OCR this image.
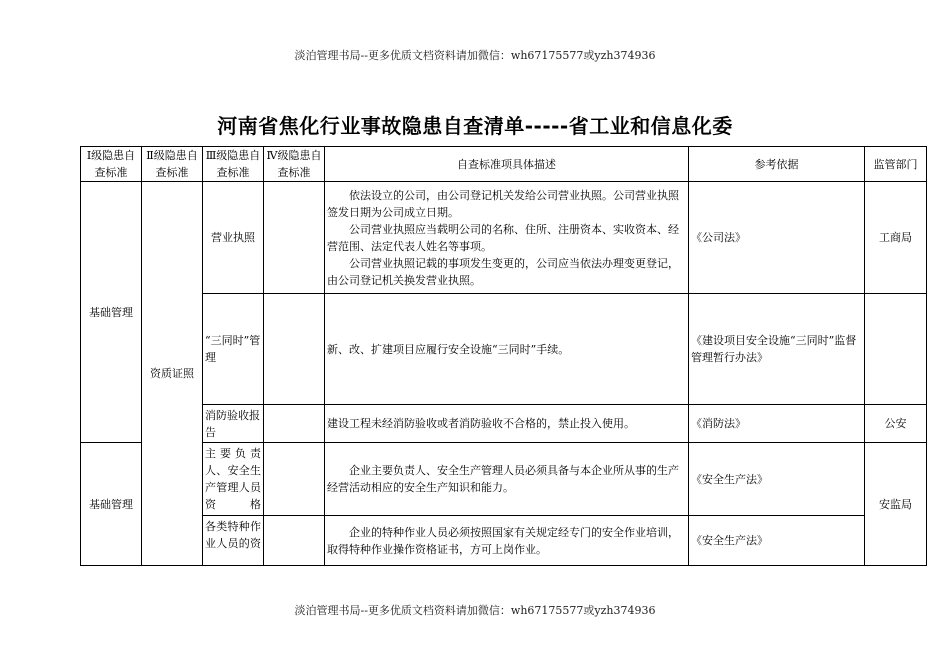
淡泊管理书局--更多优质文档资料请加微信：wh67175577或yzh374936
河南省焦化行业事故隐患自查清单-----省工业和信息化委
Ⅰ级隐患自查标准	Ⅱ级隐患自查标准	Ⅲ级隐患自查标准	Ⅳ级隐患自查标准	自查标准项具体描述	参考依据	监管部门
基础管理	资质证照	营业执照		依法设立的公司，由公司登记机关发给公司营业执照。公司营业执照签发日期为公司成立日期。

公司营业执照应当载明公司的名称、住所、注册资本、实收资本、经营范围、法定代表人姓名等事项。

公司营业执照记载的事项发生变更的，公司应当依法办理变更登记，由公司登记机关换发营业执照。	《公司法》	工商局
		“三同时”管理		新、改、扩建项目应履行安全设施“三同时”手续。	《建设项目安全设施“三同时”监督管理暂行办法》	
		消防验收报告		建设工程未经消防验收或者消防验收不合格的，禁止投入使用。	《消防法》	公安
基础管理		主要负责人、安全生产管理人员资格		企业主要负责人、安全生产管理人员必须具备与本企业所从事的生产经营活动相应的安全生产知识和能力。	《安全生产法》	安监局
		各类特种作业人员的资		企业的特种作业人员必须按照国家有关规定经专门的安全作业培训，取得特种作业操作资格证书，方可上岗作业。	《安全生产法》	
淡泊管理书局--更多优质文档资料请加微信：wh67175577或yzh374936
